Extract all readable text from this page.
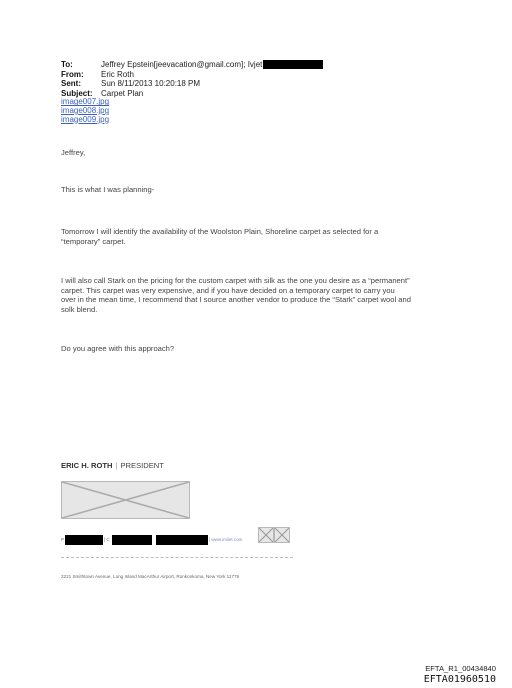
To:	Jeffrey Epstein[jeevacation@gmail.com]; Ivjet
From:	Eric Roth
Sent:	Sun 8/11/2013 10:20:18 PM
Subject:	Carpet Plan
image007.jpg
image008.jpg
image009.jpg
Jeffrey,
This is what I was planning-
Tomorrow I will identify the availability of the Woolston Plain, Shoreline carpet as selected for a
“temporary” carpet.
I will also call Stark on the pricing for the custom carpet with silk as the one you desire as a “permanent”
carpet. This carpet was very expensive, and if you have decided on a temporary carpet to carry you
over in the mean time, I recommend that I source another vendor to produce the “Stark” carpet wool and
solk blend.
Do you agree with this approach?
ERIC H. ROTH | PRESIDENT
P	| C	| www.imilet.com
2221 Smithtown Avenue, Long Island MacArthur Airport, Ronkonkoma, New York 11779
EFTA_R1_00434840
EFTA01960510
